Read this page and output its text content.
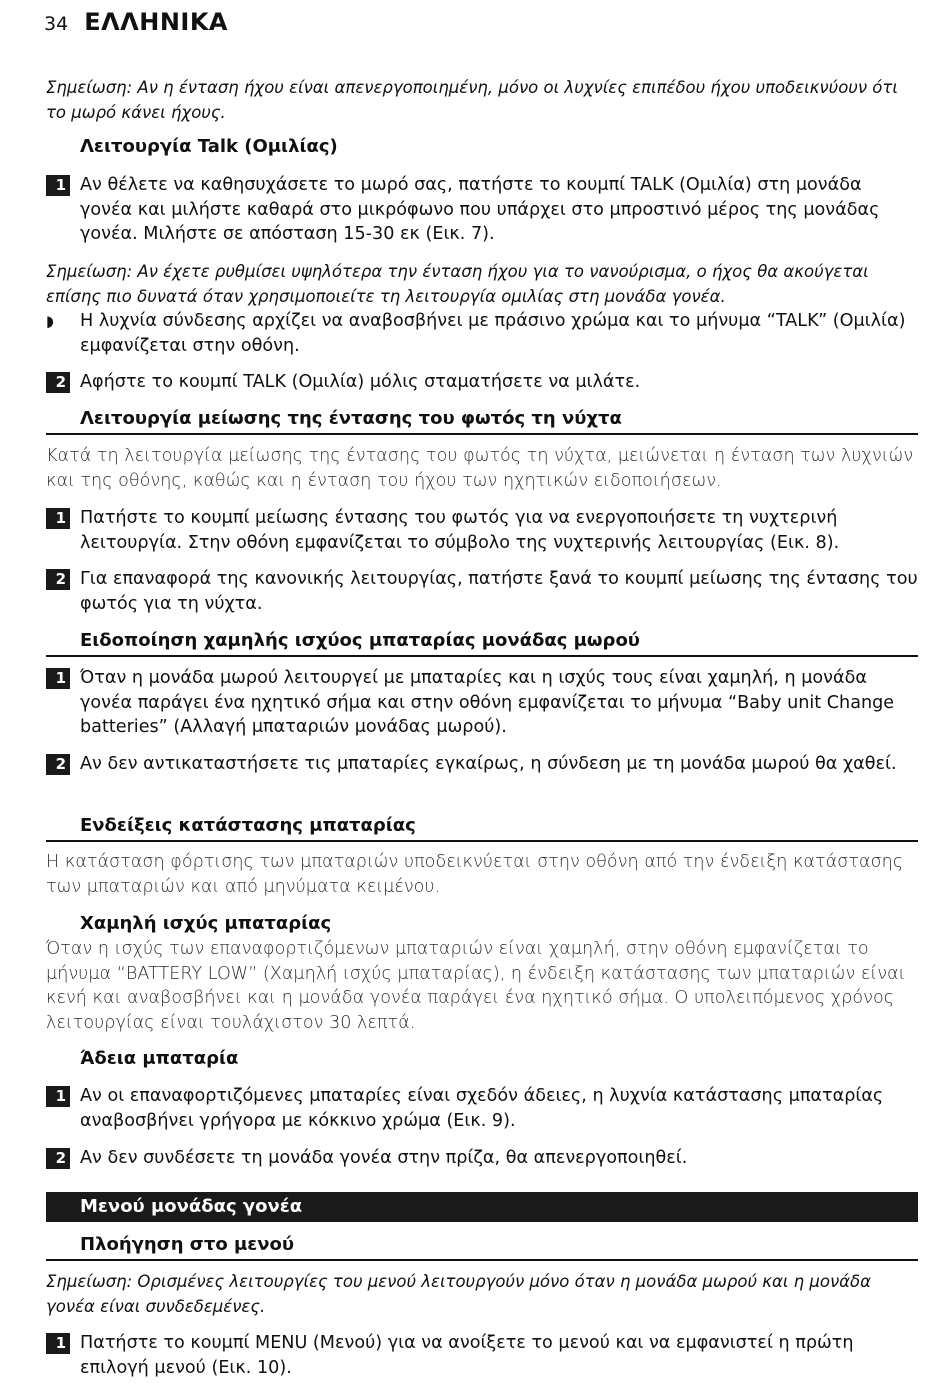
34 ΕΛΛΗΝΙΚΑ
Σημείωση: Αν η ένταση ήχου είναι απενεργοποιημένη, μόνο οι λυχνίες επιπέδου ήχου υποδεικνύουν ότι το μωρό κάνει ήχους.
Λειτουργία Talk (Ομιλίας)
1 Αν θέλετε να καθησυχάσετε το μωρό σας, πατήστε το κουμπί TALK (Ομιλία) στη μονάδα γονέα και μιλήστε καθαρά στο μικρόφωνο που υπάρχει στο μπροστινό μέρος της μονάδας γονέα. Μιλήστε σε απόσταση 15-30 εκ (Εικ. 7).
Σημείωση: Αν έχετε ρυθμίσει υψηλότερα την ένταση ήχου για το νανούρισμα, ο ήχος θα ακούγεται επίσης πιο δυνατά όταν χρησιμοποιείτε τη λειτουργία ομιλίας στη μονάδα γονέα.
◗	Η λυχνία σύνδεσης αρχίζει να αναβοσβήνει με πράσινο χρώμα και το μήνυμα “TALK” (Ομιλία) εμφανίζεται στην οθόνη.
2 Αφήστε το κουμπί TALK (Ομιλία) μόλις σταματήσετε να μιλάτε.
Λειτουργία μείωσης της έντασης του φωτός τη νύχτα
Κατά τη λειτουργία μείωσης της έντασης του φωτός τη νύχτα, μειώνεται η ένταση των λυχνιών και της οθόνης, καθώς και η ένταση του ήχου των ηχητικών ειδοποιήσεων.
1 Πατήστε το κουμπί μείωσης έντασης του φωτός για να ενεργοποιήσετε τη νυχτερινή λειτουργία. Στην οθόνη εμφανίζεται το σύμβολο της νυχτερινής λειτουργίας (Εικ. 8).
2 Για επαναφορά της κανονικής λειτουργίας, πατήστε ξανά το κουμπί μείωσης της έντασης του φωτός για τη νύχτα.
Ειδοποίηση χαμηλής ισχύος μπαταρίας μονάδας μωρού
1 Όταν η μονάδα μωρού λειτουργεί με μπαταρίες και η ισχύς τους είναι χαμηλή, η μονάδα γονέα παράγει ένα ηχητικό σήμα και στην οθόνη εμφανίζεται το μήνυμα “Baby unit Change batteries” (Αλλαγή μπαταριών μονάδας μωρού).
2 Αν δεν αντικαταστήσετε τις μπαταρίες εγκαίρως, η σύνδεση με τη μονάδα μωρού θα χαθεί.
Ενδείξεις κατάστασης μπαταρίας
Η κατάσταση φόρτισης των μπαταριών υποδεικνύεται στην οθόνη από την ένδειξη κατάστασης των μπαταριών και από μηνύματα κειμένου.
Χαμηλή ισχύς μπαταρίας
Όταν η ισχύς των επαναφορτιζόμενων μπαταριών είναι χαμηλή, στην οθόνη εμφανίζεται το μήνυμα “BATTERY LOW” (Χαμηλή ισχύς μπαταρίας), η ένδειξη κατάστασης των μπαταριών είναι κενή και αναβοσβήνει και η μονάδα γονέα παράγει ένα ηχητικό σήμα. Ο υπολειπόμενος χρόνος λειτουργίας είναι τουλάχιστον 30 λεπτά.
Άδεια μπαταρία
1 Αν οι επαναφορτιζόμενες μπαταρίες είναι σχεδόν άδειες, η λυχνία κατάστασης μπαταρίας αναβοσβήνει γρήγορα με κόκκινο χρώμα (Εικ. 9).
2 Αν δεν συνδέσετε τη μονάδα γονέα στην πρίζα, θα απενεργοποιηθεί.
Μενού μονάδας γονέα
Πλοήγηση στο μενού
Σημείωση: Ορισμένες λειτουργίες του μενού λειτουργούν μόνο όταν η μονάδα μωρού και η μονάδα γονέα είναι συνδεδεμένες.
1 Πατήστε το κουμπί MENU (Μενού) για να ανοίξετε το μενού και να εμφανιστεί η πρώτη επιλογή μενού (Εικ. 10).
